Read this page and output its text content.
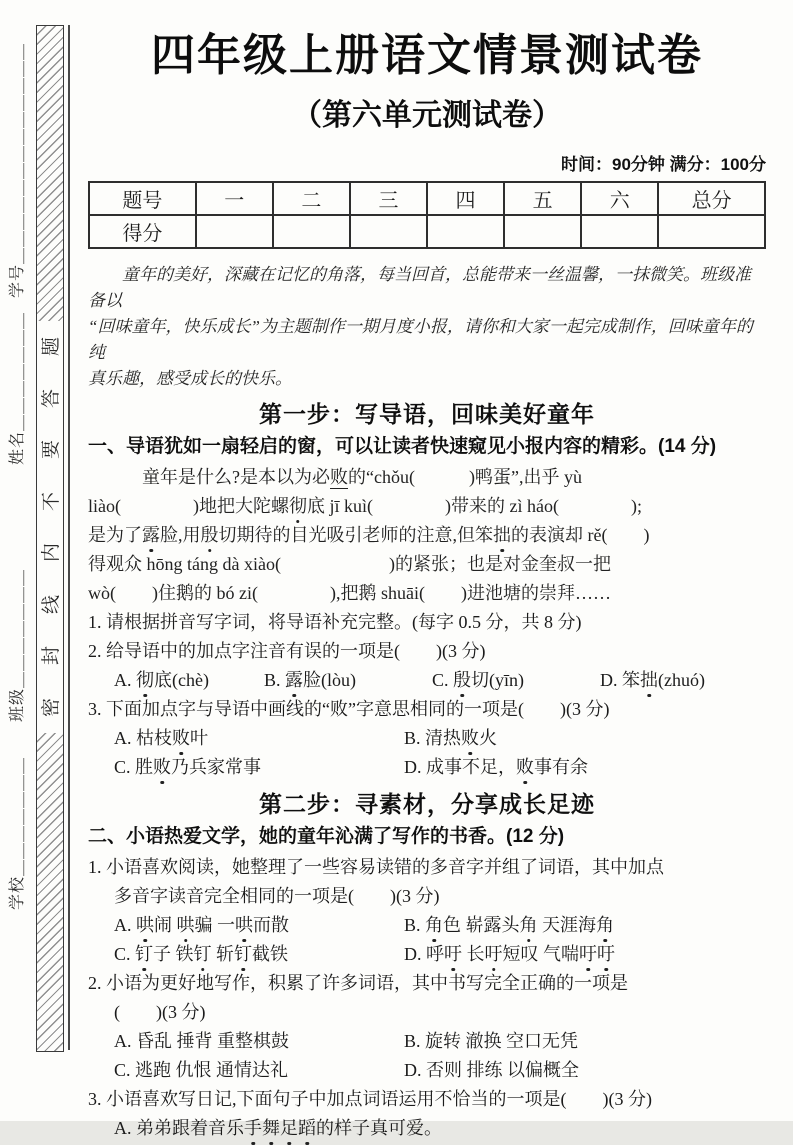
学号＿＿＿＿＿＿＿＿＿＿＿＿＿
姓名＿＿＿＿＿＿＿
班级＿＿＿＿＿＿＿
学校＿＿＿＿＿＿＿
题
答
要
不
内
线
封
密
四年级上册语文情景测试卷
（第六单元测试卷）
时间：90分钟 满分：100分
题号	一	二	三	四	五	六	总分
得分							
童年的美好，深藏在记忆的角落，每当回首，总能带来一丝温馨，一抹微笑。班级准备以
“回味童年，快乐成长”为主题制作一期月度小报，请你和大家一起完成制作，回味童年的纯
真乐趣，感受成长的快乐。
第一步：写导语，回味美好童年
一、导语犹如一扇轻启的窗，可以让读者快速窥见小报内容的精彩。(14 分)
童年是什么?是本以为必败的“chǒu(　　　)鸭蛋”,出乎 yù
liào(　　　　)地把大陀螺彻底 jī kuì(　　　　)带来的 zì háo(　　　　);
是为了露脸,用殷切期待的目光吸引老师的注意,但笨拙的表演却 rě(　　)
得观众 hōng táng dà xiào(　　　　　　)的紧张；也是对金奎叔一把
wò(　　)住鹅的 bó zi(　　　　),把鹅 shuāi(　　)进池塘的崇拜……
1. 请根据拼音写字词，将导语补充完整。(每字 0.5 分，共 8 分)
2. 给导语中的加点字注音有误的一项是(　　)(3 分)
A. 彻底(chè)	B. 露脸(lòu)	C. 殷切(yīn)	D. 笨拙(zhuó)
3. 下面加点字与导语中画线的“败”字意思相同的一项是(　　)(3 分)
A. 枯枝败叶	B. 清热败火
C. 胜败乃兵家常事	D. 成事不足，败事有余
第二步：寻素材，分享成长足迹
二、小语热爱文学，她的童年沁满了写作的书香。(12 分)
1. 小语喜欢阅读，她整理了一些容易读错的多音字并组了词语，其中加点
多音字读音完全相同的一项是(　　)(3 分)
A. 哄闹 哄骗 一哄而散	B. 角色 崭露头角 天涯海角
C. 钉子 铁钉 斩钉截铁	D. 呼吁 长吁短叹 气喘吁吁
2. 小语为更好地写作，积累了许多词语，其中书写完全正确的一项是
(　　)(3 分)
A. 昏乱 捶背 重整棋鼓	B. 旋转 澈换 空口无凭
C. 逃跑 仇恨 通情达礼	D. 否则 排练 以偏概全
3. 小语喜欢写日记,下面句子中加点词语运用不恰当的一项是(　　)(3 分)
A. 弟弟跟着音乐手舞足蹈的样子真可爱。
